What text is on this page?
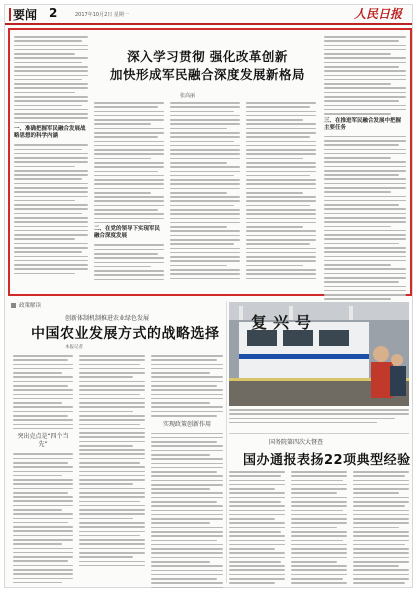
要闻 2	2017年10月2日 星期一	人民日报
深入学习贯彻 强化改革创新
加快形成军民融合深度发展新格局
张高丽
一、准确把握军民融合发展战略思想的科学内涵
二、在党的领导下实现军民融合深度发展
三、在推进军民融合发展中把握主要任务
政策解读
创新体制机制推进农业绿色发展
中国农业发展方式的战略选择
本报记者
突出克点是“四个当先”
实现政策创新作用
复兴号
国务院第四次大督查
国办通报表扬22项典型经验
